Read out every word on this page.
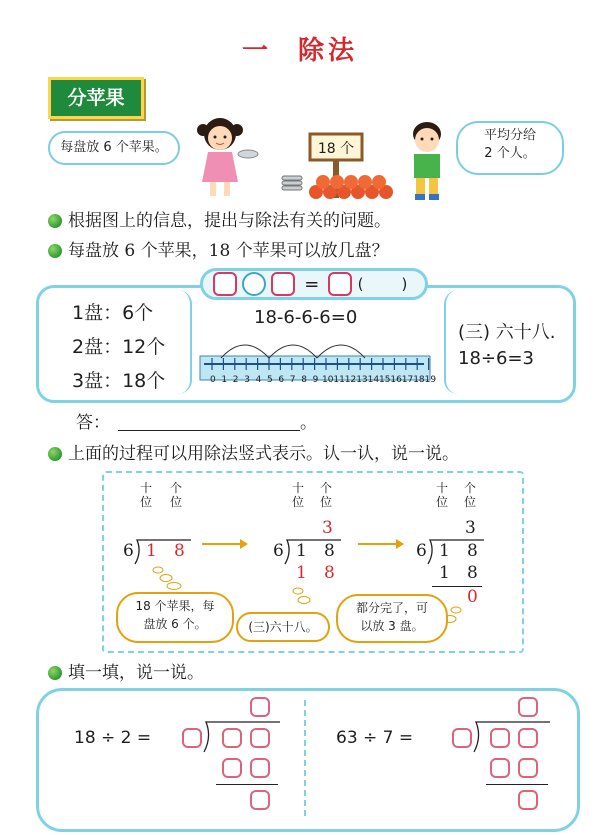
一 除法
分苹果
每盘放 6 个苹果。	18 个
平均分给
2 个人。
根据图上的信息，提出与除法有关的问题。
每盘放 6 个苹果，18 个苹果可以放几盘？
=	(        )
1盘：6个
2盘：12个
3盘：18个
18-6-6-6=0
0 1 2 3 4 5 6 7 8 9 10 11 12 13 14 15 16 17 18 19
(三) 六十八.
18÷6=3
答：	。
上面的过程可以用除法竖式表示。认一认，说一说。
十
位
个
位
6 1 8
十
位
个
位
3
6 1 8
1 8
十
位
个
位
3
6 1 8
1 8
0
18 个苹果，每
盘放 6 个。	(三)六十八。
都分完了，可
以放 3 盘。
填一填，说一说。
18 ÷ 2 =	63 ÷ 7 =
